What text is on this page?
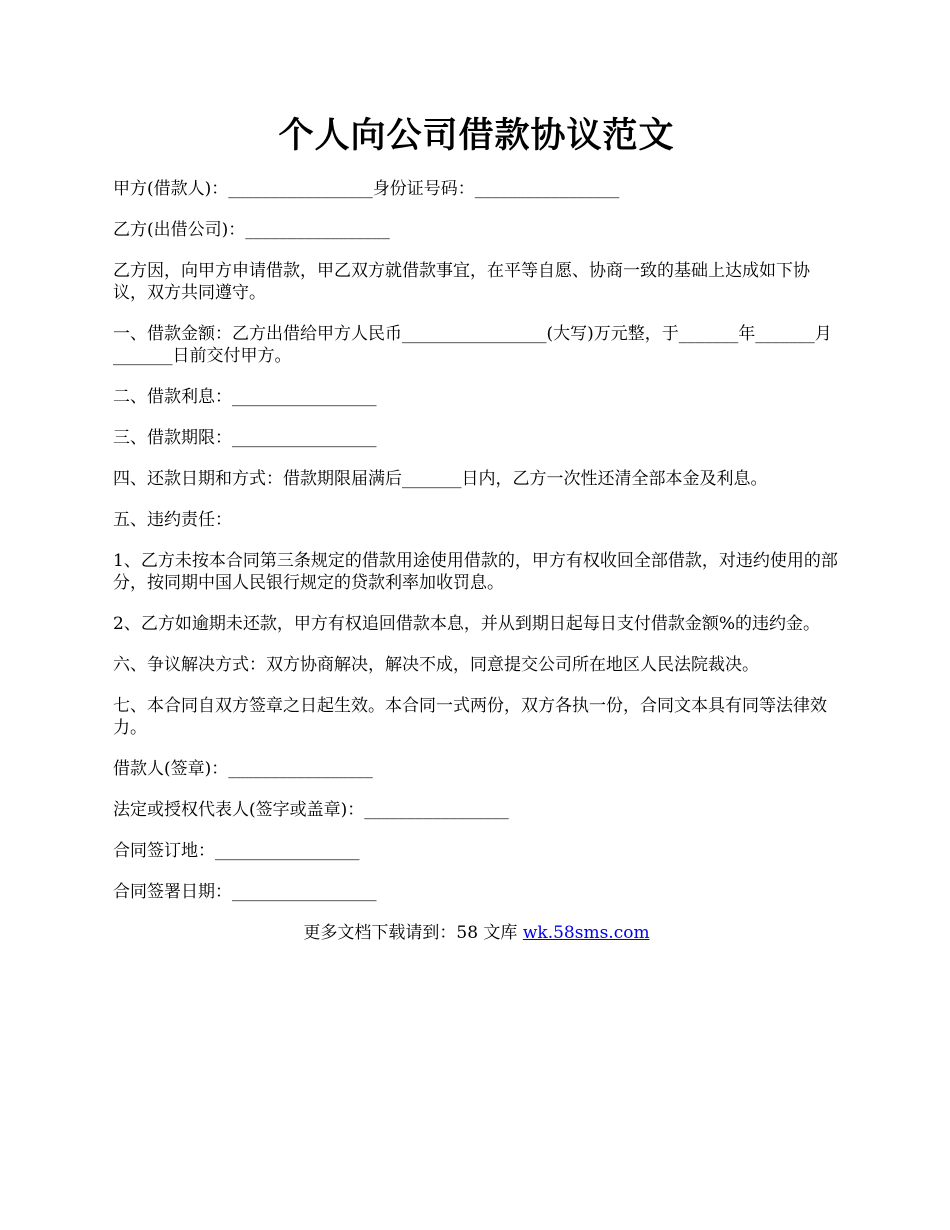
个人向公司借款协议范文

甲方(借款人)：_________________身份证号码：_________________

乙方(出借公司)：_________________

乙方因，向甲方申请借款，甲乙双方就借款事宜，在平等自愿、协商一致的基础上达成如下协议，双方共同遵守。

一、借款金额：乙方出借给甲方人民币_________________(大写)万元整，于_______年_______月_______日前交付甲方。

二、借款利息：_________________

三、借款期限：_________________

四、还款日期和方式：借款期限届满后_______日内，乙方一次性还清全部本金及利息。

五、违约责任：

1、乙方未按本合同第三条规定的借款用途使用借款的，甲方有权收回全部借款，对违约使用的部分，按同期中国人民银行规定的贷款利率加收罚息。

2、乙方如逾期未还款，甲方有权追回借款本息，并从到期日起每日支付借款金额%的违约金。

六、争议解决方式：双方协商解决，解决不成，同意提交公司所在地区人民法院裁决。

七、本合同自双方签章之日起生效。本合同一式两份，双方各执一份，合同文本具有同等法律效力。

借款人(签章)：_________________

法定或授权代表人(签字或盖章)：_________________

合同签订地：_________________

合同签署日期：_________________

更多文档下载请到：58 文库 wk.58sms.com
